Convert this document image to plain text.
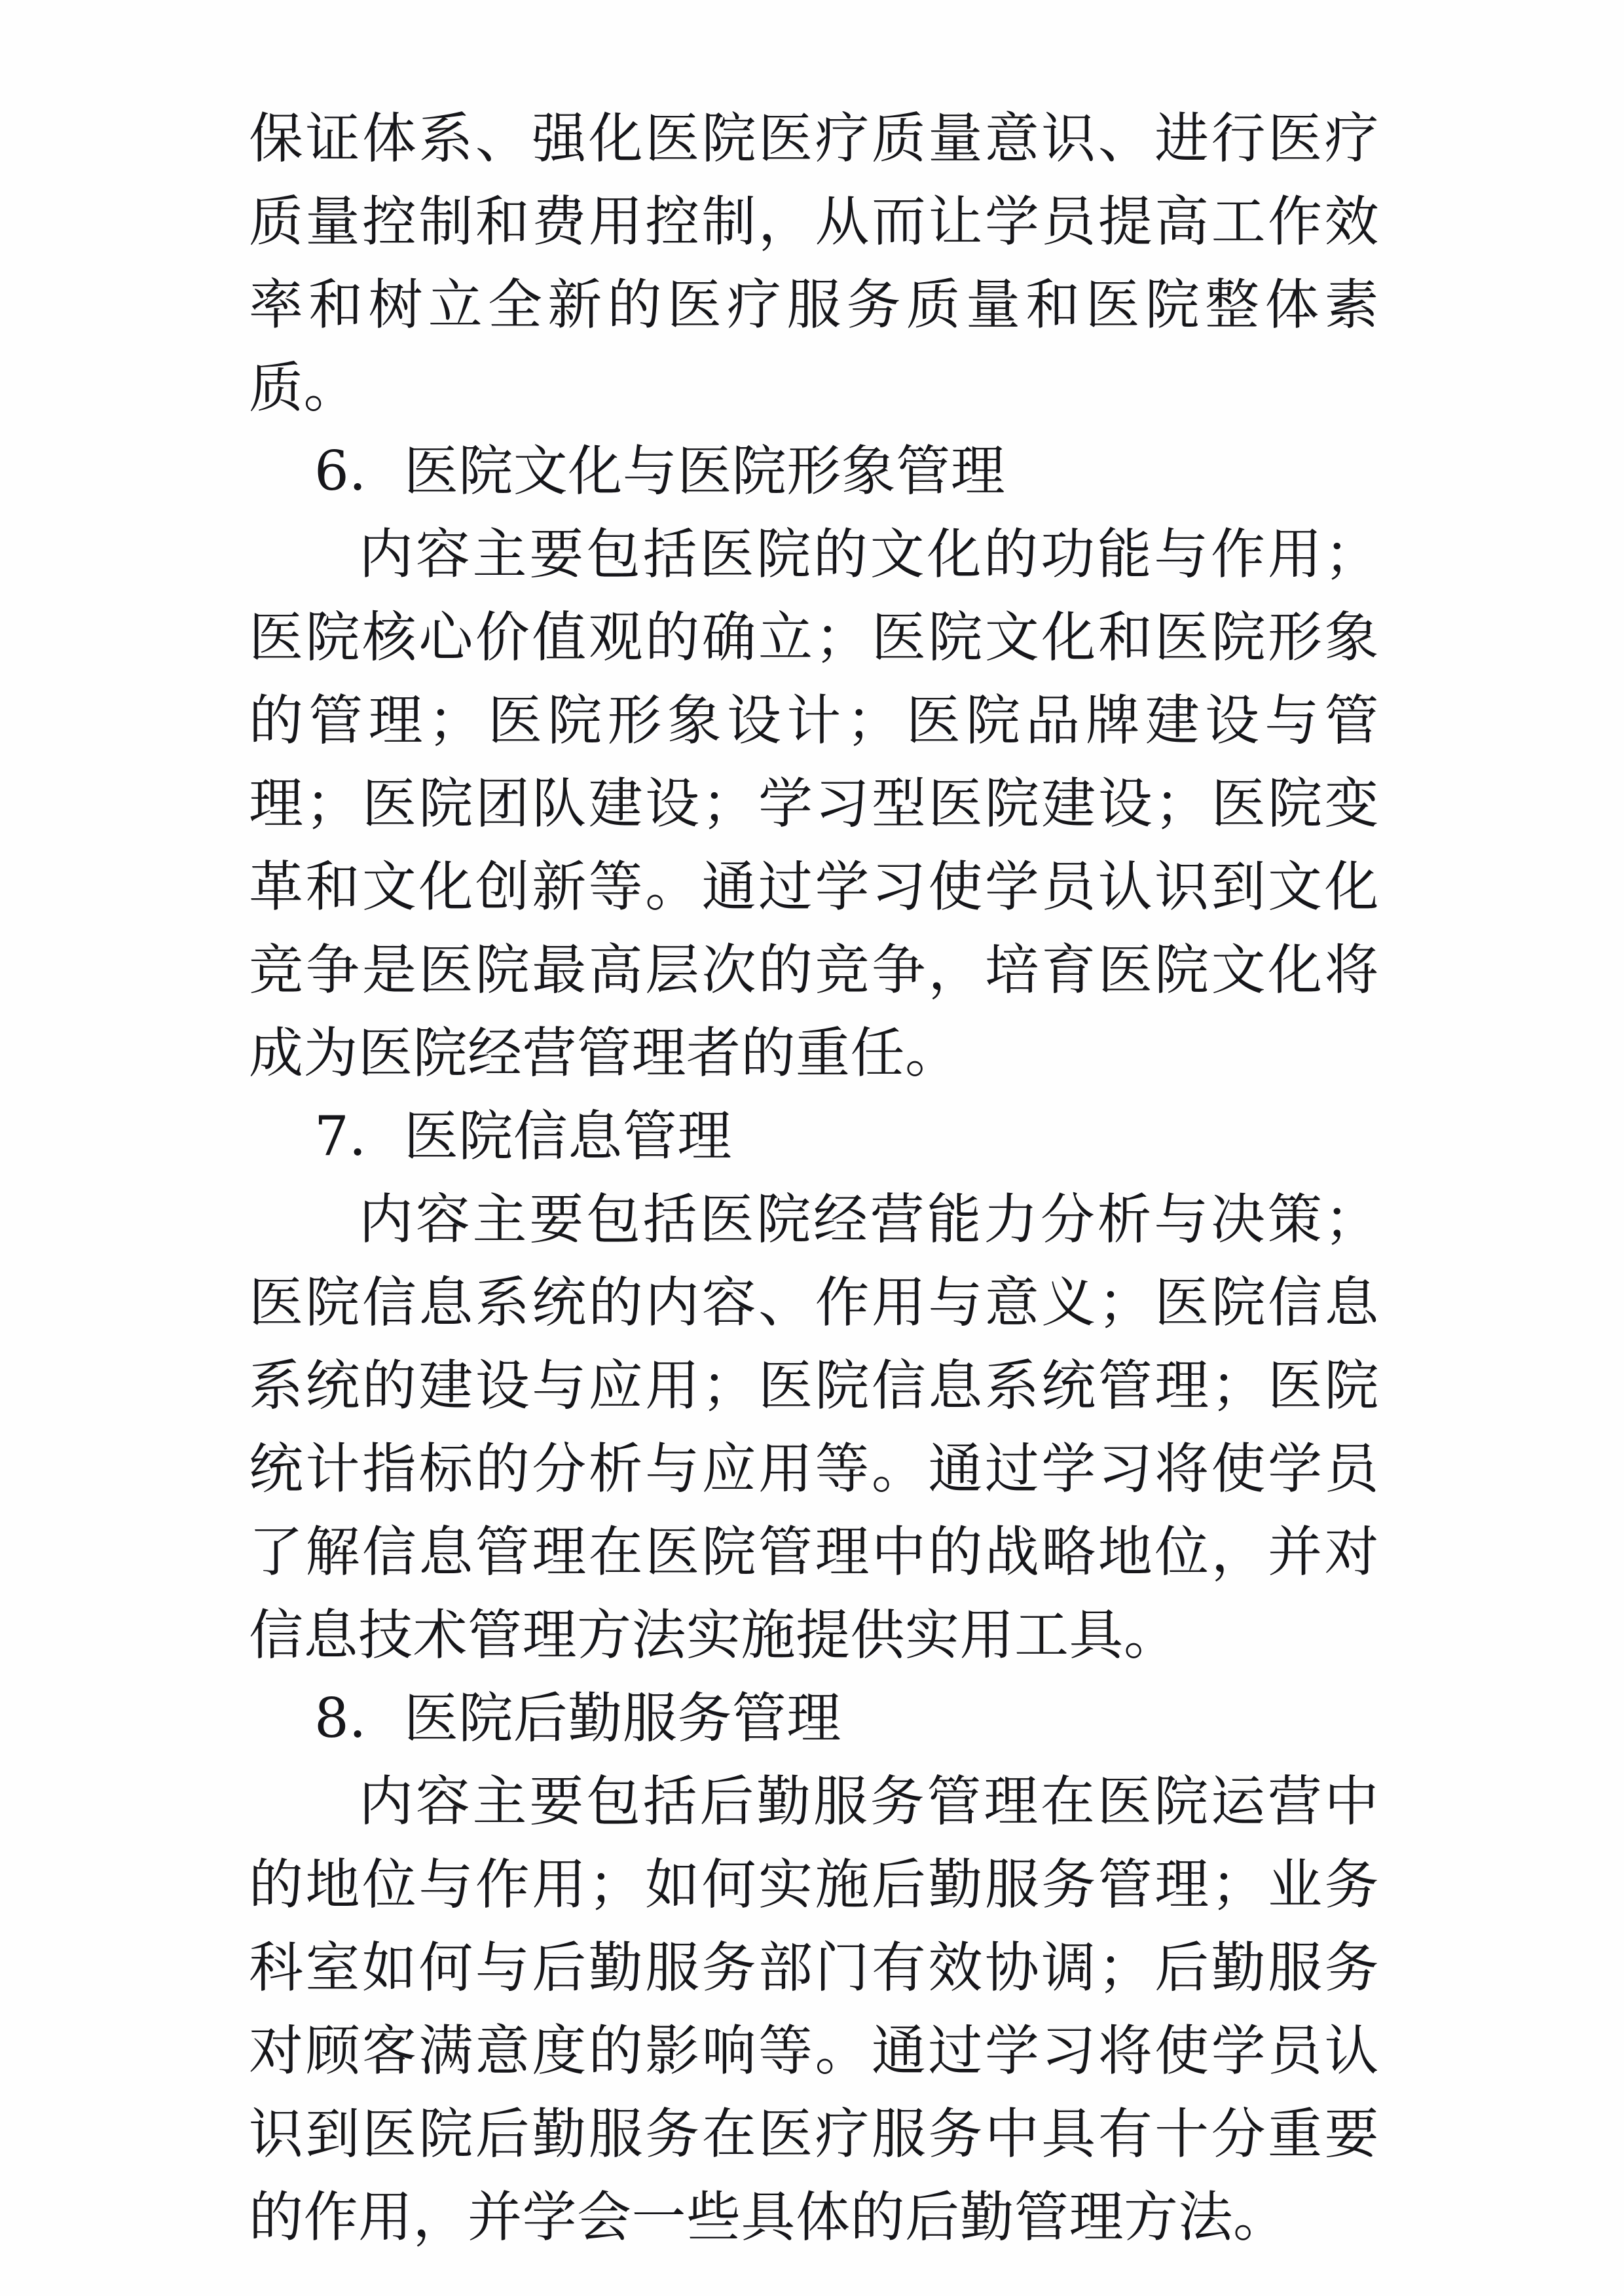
保证体系、强化医院医疗质量意识、进行医疗质量控制和费用控制，从而让学员提高工作效率和树立全新的医疗服务质量和医院整体素质。

6．医院文化与医院形象管理

内容主要包括医院的文化的功能与作用；医院核心价值观的确立；医院文化和医院形象的管理；医院形象设计；医院品牌建设与管理；医院团队建设；学习型医院建设；医院变革和文化创新等。通过学习使学员认识到文化竞争是医院最高层次的竞争，培育医院文化将成为医院经营管理者的重任。

7．医院信息管理

内容主要包括医院经营能力分析与决策；医院信息系统的内容、作用与意义；医院信息系统的建设与应用；医院信息系统管理；医院统计指标的分析与应用等。通过学习将使学员了解信息管理在医院管理中的战略地位，并对信息技术管理方法实施提供实用工具。

8．医院后勤服务管理

内容主要包括后勤服务管理在医院运营中的地位与作用；如何实施后勤服务管理；业务科室如何与后勤服务部门有效协调；后勤服务对顾客满意度的影响等。通过学习将使学员认识到医院后勤服务在医疗服务中具有十分重要的作用，并学会一些具体的后勤管理方法。
